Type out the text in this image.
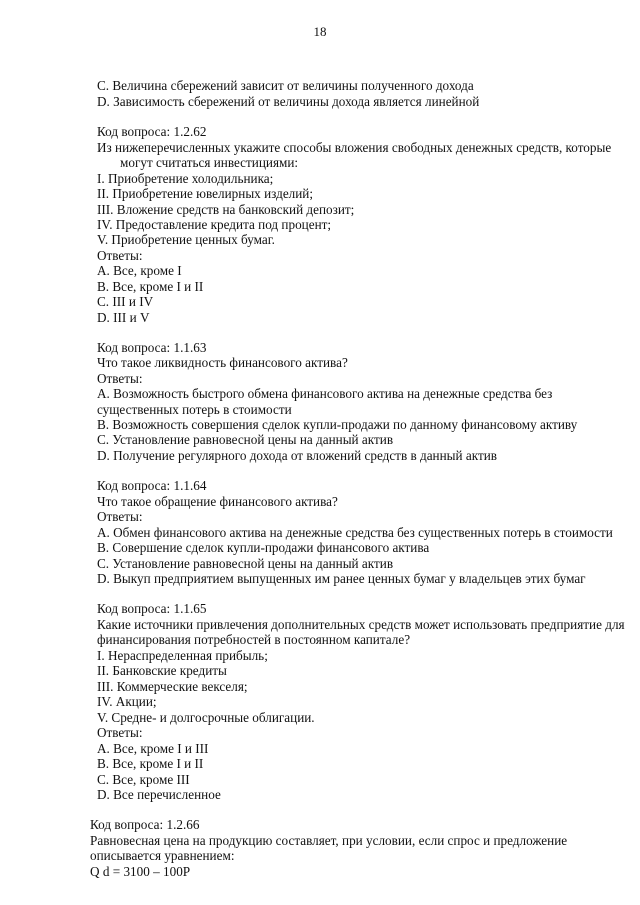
18
C. Величина сбережений зависит от величины полученного дохода
D. Зависимость сбережений от величины дохода является линейной
Код вопроса: 1.2.62
Из нижеперечисленных укажите способы вложения свободных денежных средств, которые
могут считаться инвестициями:
I. Приобретение холодильника;
II. Приобретение ювелирных изделий;
III. Вложение средств на банковский депозит;
IV. Предоставление кредита под процент;
V. Приобретение ценных бумаг.
Ответы:
A. Все, кроме I
B. Все, кроме I и II
C. III и IV
D. III и V
Код вопроса: 1.1.63
Что такое ликвидность финансового актива?
Ответы:
A. Возможность быстрого обмена финансового актива на денежные средства без
существенных потерь в стоимости
B. Возможность совершения сделок купли-продажи по данному финансовому активу
C. Установление равновесной цены на данный актив
D. Получение регулярного дохода от вложений средств в данный актив
Код вопроса: 1.1.64
Что такое обращение финансового актива?
Ответы:
A. Обмен финансового актива на денежные средства без существенных потерь в стоимости
B. Совершение сделок купли-продажи финансового актива
C. Установление равновесной цены на данный актив
D. Выкуп предприятием выпущенных им ранее ценных бумаг у владельцев этих бумаг
Код вопроса: 1.1.65
Какие источники привлечения дополнительных средств может использовать предприятие для
финансирования потребностей в постоянном капитале?
I. Нераспределенная прибыль;
II. Банковские кредиты
III. Коммерческие векселя;
IV. Акции;
V. Средне- и долгосрочные облигации.
Ответы:
A. Все, кроме I и III
B. Все, кроме I и II
C. Все, кроме III
D. Все перечисленное
Код вопроса: 1.2.66
Равновесная цена на продукцию составляет, при условии, если спрос и предложение
описывается уравнением:
Q d = 3100 – 100P
